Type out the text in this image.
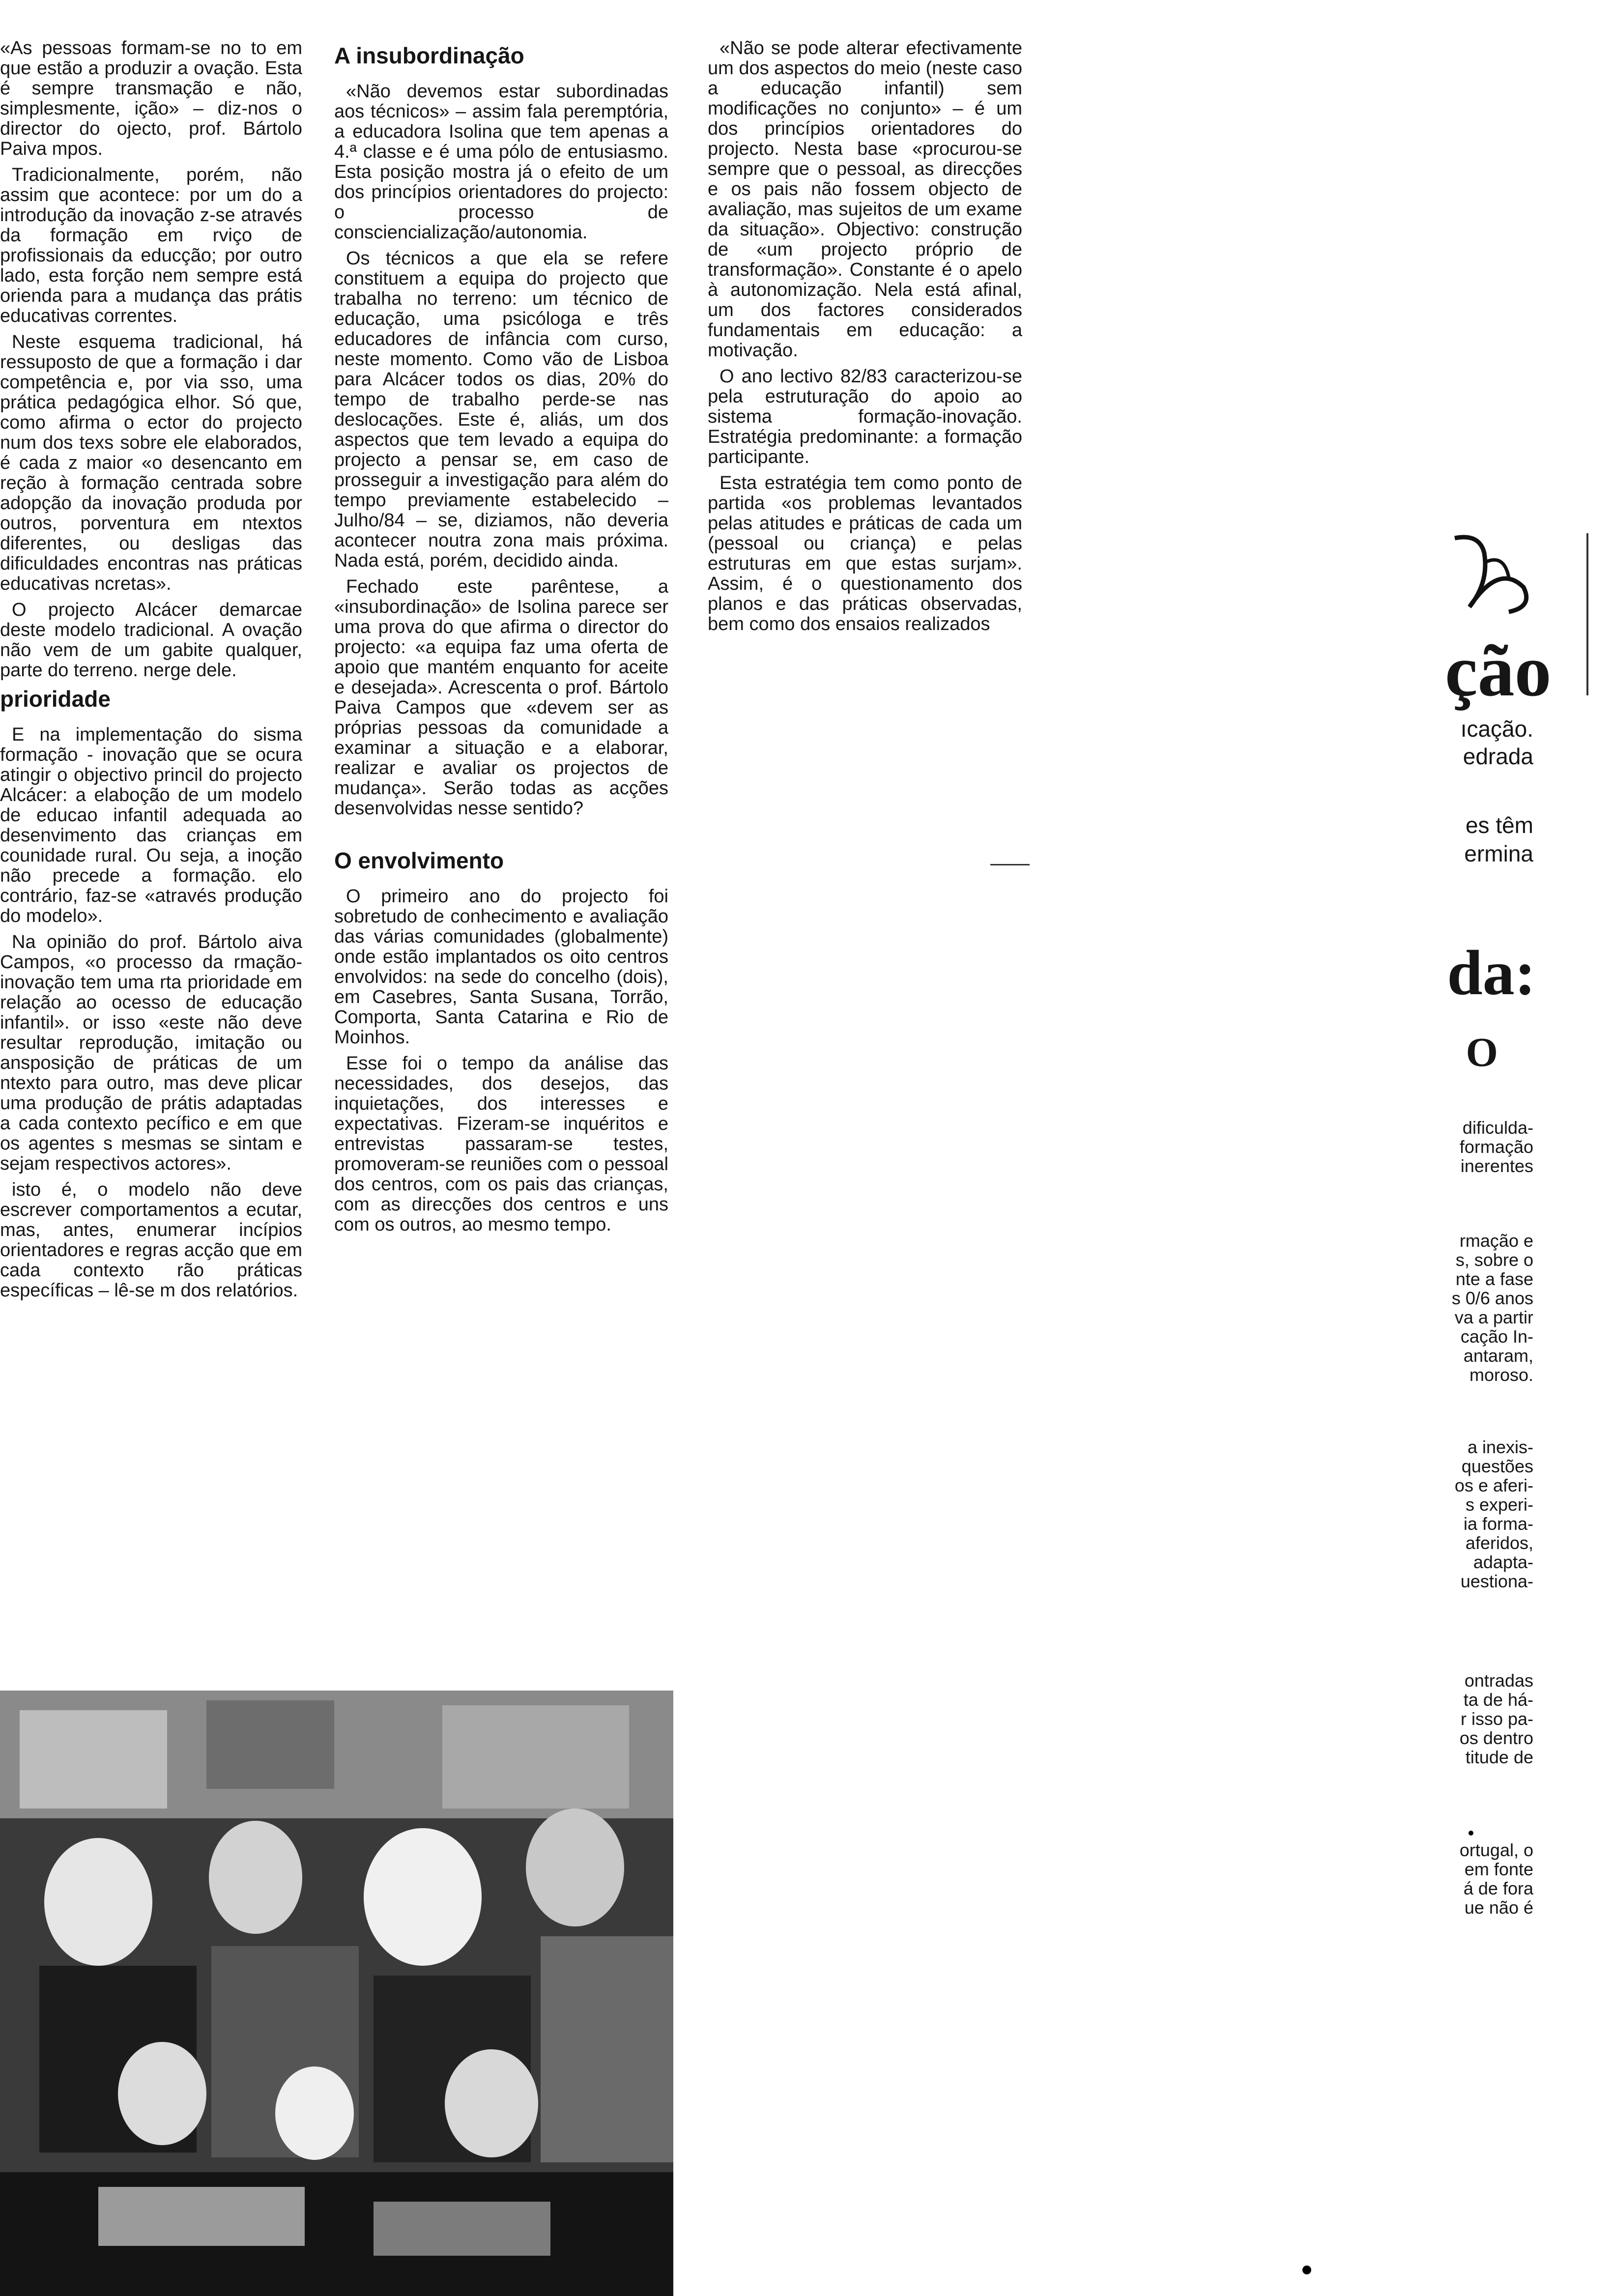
«As pessoas formam-se no to em que estão a produzir a ovação. Esta é sempre transmação e não, simplesmente, ição» – diz-nos o director do ojecto, prof. Bártolo Paiva mpos.

Tradicionalmente, porém, não assim que acontece: por um do a introdução da inovação z-se através da formação em rviço de profissionais da educção; por outro lado, esta forção nem sempre está orienda para a mudança das prátis educativas correntes.

Neste esquema tradicional, há ressuposto de que a formação i dar competência e, por via sso, uma prática pedagógica elhor. Só que, como afirma o ector do projecto num dos texs sobre ele elaborados, é cada z maior «o desencanto em reção à formação centrada sobre adopção da inovação produda por outros, porventura em ntextos diferentes, ou desligas das dificuldades encontras nas práticas educativas ncretas».

O projecto Alcácer demarcae deste modelo tradicional. A ovação não vem de um gabite qualquer, parte do terreno. nerge dele.

prioridade

E na implementação do sisma formação - inovação que se ocura atingir o objectivo princil do projecto Alcácer: a elaboção de um modelo de educao infantil adequada ao desenvimento das crianças em counidade rural. Ou seja, a inoção não precede a formação. elo contrário, faz-se «através produção do modelo».

Na opinião do prof. Bártolo aiva Campos, «o processo da rmação-inovação tem uma rta prioridade em relação ao ocesso de educação infantil». or isso «este não deve resultar reprodução, imitação ou ansposição de práticas de um ntexto para outro, mas deve plicar uma produção de prátis adaptadas a cada contexto pecífico e em que os agentes s mesmas se sintam e sejam respectivos actores».

isto é, o modelo não deve escrever comportamentos a ecutar, mas, antes, enumerar incípios orientadores e regras acção que em cada contexto rão práticas específicas – lê-se m dos relatórios.

A insubordinação

«Não devemos estar subordinadas aos técnicos» – assim fala peremptória, a educadora Isolina que tem apenas a 4.ª classe e é uma pólo de entusiasmo. Esta posição mostra já o efeito de um dos princípios orientadores do projecto: o processo de consciencialização/autonomia.

Os técnicos a que ela se refere constituem a equipa do projecto que trabalha no terreno: um técnico de educação, uma psicóloga e três educadores de infância com curso, neste momento. Como vão de Lisboa para Alcácer todos os dias, 20% do tempo de trabalho perde-se nas deslocações. Este é, aliás, um dos aspectos que tem levado a equipa do projecto a pensar se, em caso de prosseguir a investigação para além do tempo previamente estabelecido – Julho/84 – se, diziamos, não deveria acontecer noutra zona mais próxima. Nada está, porém, decidido ainda.

Fechado este parêntese, a «insubordinação» de Isolina parece ser uma prova do que afirma o director do projecto: «a equipa faz uma oferta de apoio que mantém enquanto for aceite e desejada». Acrescenta o prof. Bártolo Paiva Campos que «devem ser as próprias pessoas da comunidade a examinar a situação e a elaborar, realizar e avaliar os projectos de mudança». Serão todas as acções desenvolvidas nesse sentido?

O envolvimento

O primeiro ano do projecto foi sobretudo de conhecimento e avaliação das várias comunidades (globalmente) onde estão implantados os oito centros envolvidos: na sede do concelho (dois), em Casebres, Santa Susana, Torrão, Comporta, Santa Catarina e Rio de Moinhos.

Esse foi o tempo da análise das necessidades, dos desejos, das inquietações, dos interesses e expectativas. Fizeram-se inquéritos e entrevistas passaram-se testes, promoveram-se reuniões com o pessoal dos centros, com os pais das crianças, com as direcções dos centros e uns com os outros, ao mesmo tempo.

«Não se pode alterar efectivamente um dos aspectos do meio (neste caso a educação infantil) sem modificações no conjunto» – é um dos princípios orientadores do projecto. Nesta base «procurou-se sempre que o pessoal, as direcções e os pais não fossem objecto de avaliação, mas sujeitos de um exame da situação». Objectivo: construção de «um projecto próprio de transformação». Constante é o apelo à autonomização. Nela está afinal, um dos factores considerados fundamentais em educação: a motivação.

O ano lectivo 82/83 caracterizou-se pela estruturação do apoio ao sistema formação-inovação. Estratégia predominante: a formação participante.

Esta estratégia tem como ponto de partida «os problemas levantados pelas atitudes e práticas de cada um (pessoal ou criança) e pelas estruturas em que estas surjam». Assim, é o questionamento dos planos e das práticas observadas, bem como dos ensaios realizados

ção
ıcação.
edrada
es têm
ermina
da:
O
dificulda-
formação
inerentes
rmação e
s, sobre o
nte a fase
s 0/6 anos
va a partir
cação In-
antaram,
moroso.
a inexis-
questões
os e aferi-
s experi-
ia forma-
aferidos,
adapta-
uestiona-
ontradas
ta de há-
r isso pa-
os dentro
titude de
ortugal, o
em fonte
á de fora
ue não é
